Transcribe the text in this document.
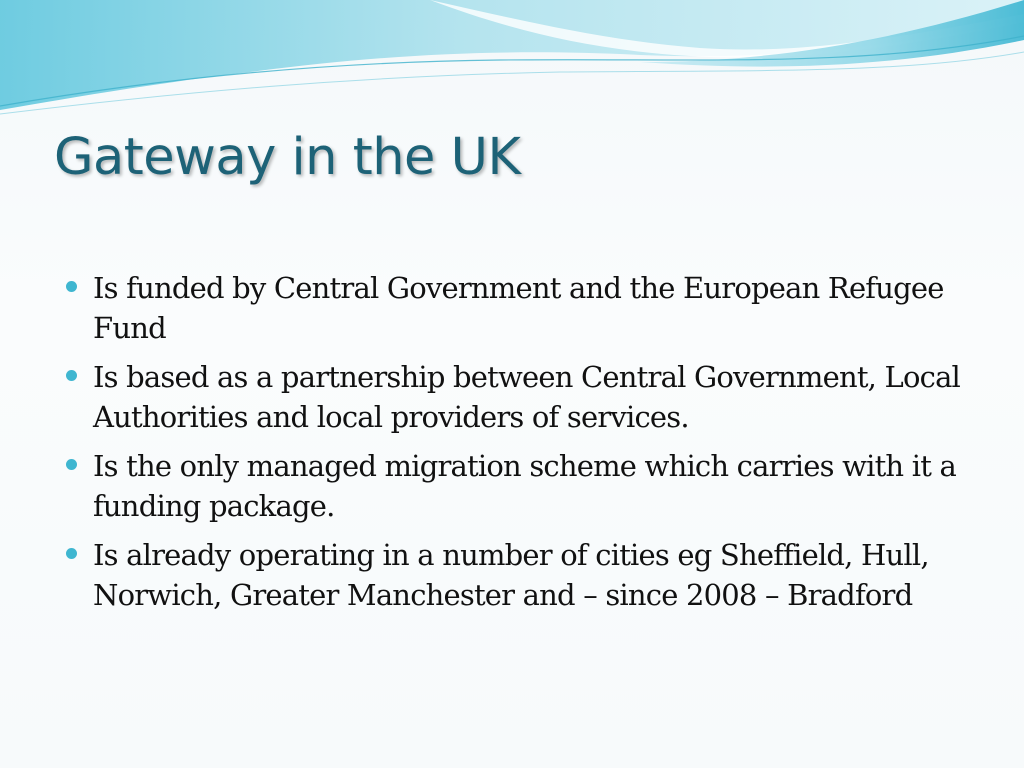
Gateway in the UK
Is funded by Central Government and the European Refugee Fund
Is based as a partnership between Central Government, Local Authorities and local providers of services.
Is the only managed migration scheme which carries with it a funding package.
Is already operating in a number of cities eg Sheffield, Hull, Norwich, Greater Manchester and – since 2008 – Bradford
